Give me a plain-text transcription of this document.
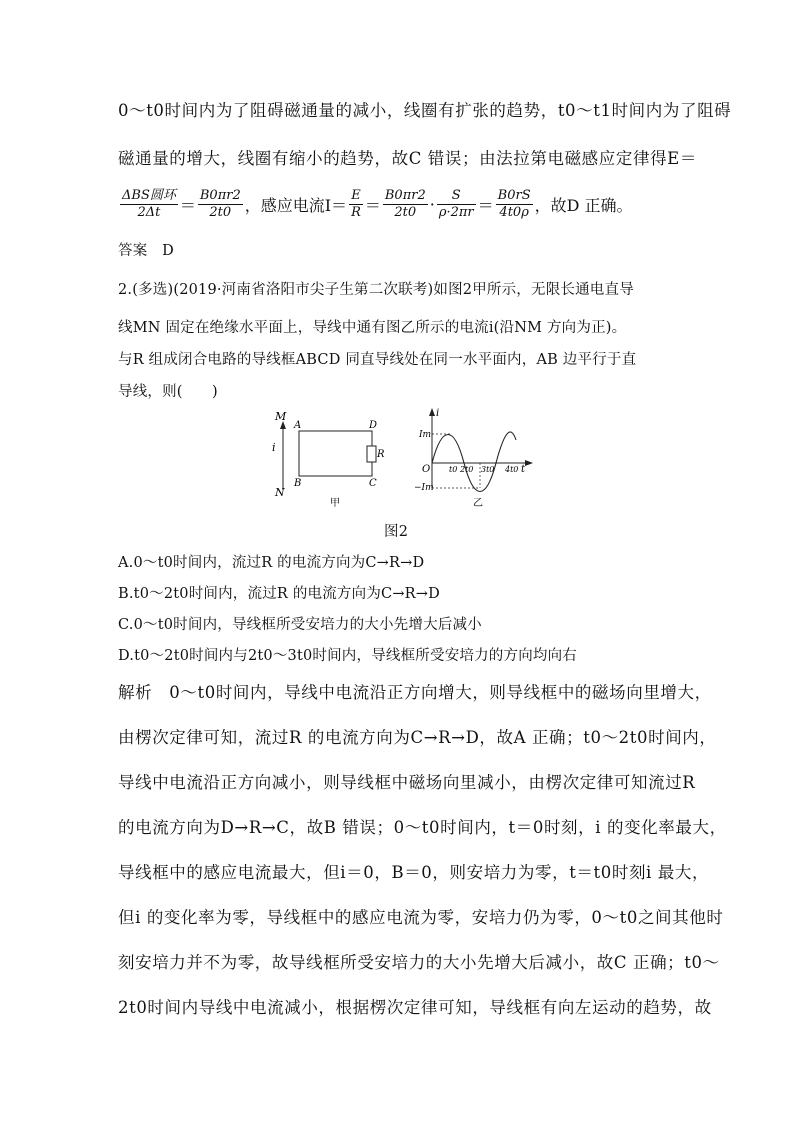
0～t0时间内为了阻碍磁通量的减小，线圈有扩张的趋势，t0～t1时间内为了阻碍
磁通量的增大，线圈有缩小的趋势，故C 错误；由法拉第电磁感应定律得E＝
$\frac{\text{ΔBS圆环}}{2\Delta t} = \frac{B0\pi r2}{2t0}$ ，感应电流$I= \frac{E}{R} = \frac{B0\pi r2}{2t0} \cdot \frac{S}{\rho\cdot 2\pi r} = \frac{B0rS}{4t0\rho}$ ，故D 正确。
答案　D
2.(多选)(2019·河南省洛阳市尖子生第二次联考)如图2甲所示，无限长通电直导
线MN 固定在绝缘水平面上，导线中通有图乙所示的电流i(沿NM 方向为正)。
与R 组成闭合电路的导线框ABCD 同直导线处在同一水平面内，AB 边平行于直
导线，则(　　)
M
N
i
A	D
B	C
R
甲
i
Im
−Im
O t0 2t0 3t0 4t0 t
乙
图2
A.0～t0时间内，流过R 的电流方向为C→R→D
B.t0～2t0时间内，流过R 的电流方向为C→R→D
C.0～t0时间内，导线框所受安培力的大小先增大后减小
D.t0～2t0时间内与2t0～3t0时间内，导线框所受安培力的方向均向右
解析　0～t0时间内，导线中电流沿正方向增大，则导线框中的磁场向里增大，
由楞次定律可知，流过R 的电流方向为C→R→D，故A 正确；t0～2t0时间内，
导线中电流沿正方向减小，则导线框中磁场向里减小，由楞次定律可知流过R
的电流方向为D→R→C，故B 错误；0～t0时间内，t＝0时刻，i 的变化率最大，
导线框中的感应电流最大，但i＝0，B＝0，则安培力为零，t＝t0时刻i 最大，
但i 的变化率为零，导线框中的感应电流为零，安培力仍为零，0～t0之间其他时
刻安培力并不为零，故导线框所受安培力的大小先增大后减小，故C 正确；t0～
2t0时间内导线中电流减小，根据楞次定律可知，导线框有向左运动的趋势，故
